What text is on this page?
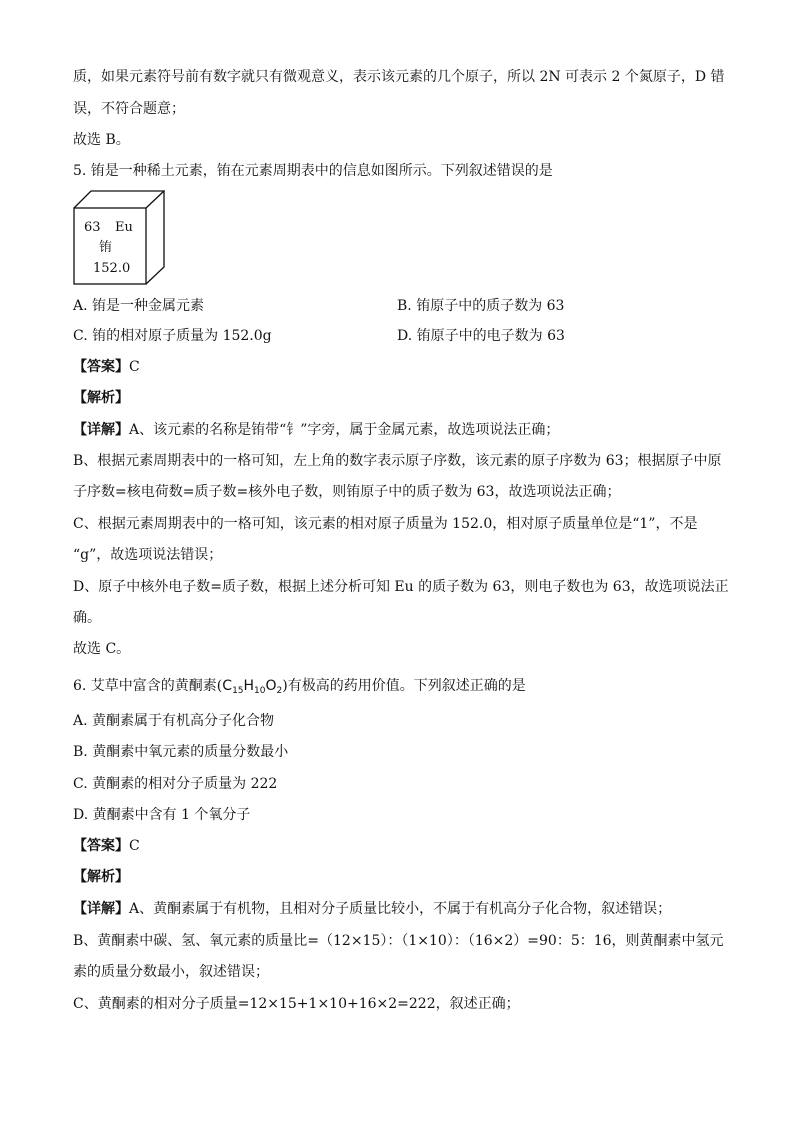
质，如果元素符号前有数字就只有微观意义，表示该元素的几个原子，所以 2N 可表示 2 个氮原子，D 错
误，不符合题意；
故选 B。
5. 铕是一种稀土元素，铕在元素周期表中的信息如图所示。下列叙述错误的是
63 Eu
铕
152.0
A. 铕是一种金属元素	B. 铕原子中的质子数为 63
C. 铕的相对原子质量为 152.0g	D. 铕原子中的电子数为 63
【答案】C
【解析】
【详解】A、该元素的名称是铕带“钅”字旁，属于金属元素，故选项说法正确；
B、根据元素周期表中的一格可知，左上角的数字表示原子序数，该元素的原子序数为 63；根据原子中原
子序数=核电荷数=质子数=核外电子数，则铕原子中的质子数为 63，故选项说法正确；
C、根据元素周期表中的一格可知，该元素的相对原子质量为 152.0，相对原子质量单位是“1”，不是
“g”，故选项说法错误；
D、原子中核外电子数=质子数，根据上述分析可知 Eu 的质子数为 63，则电子数也为 63，故选项说法正
确。
故选 C。
6. 艾草中富含的黄酮素$(C_{15}H_{10}O_2)$有极高的药用价值。下列叙述正确的是
A. 黄酮素属于有机高分子化合物
B. 黄酮素中氧元素的质量分数最小
C. 黄酮素的相对分子质量为 222
D. 黄酮素中含有 1 个氧分子
【答案】C
【解析】
【详解】A、黄酮素属于有机物，且相对分子质量比较小，不属于有机高分子化合物，叙述错误；
B、黄酮素中碳、氢、氧元素的质量比=（12×15）：（1×10）：（16×2）=90：5：16，则黄酮素中氢元
素的质量分数最小，叙述错误；
C、黄酮素的相对分子质量=12×15+1×10+16×2=222，叙述正确；
